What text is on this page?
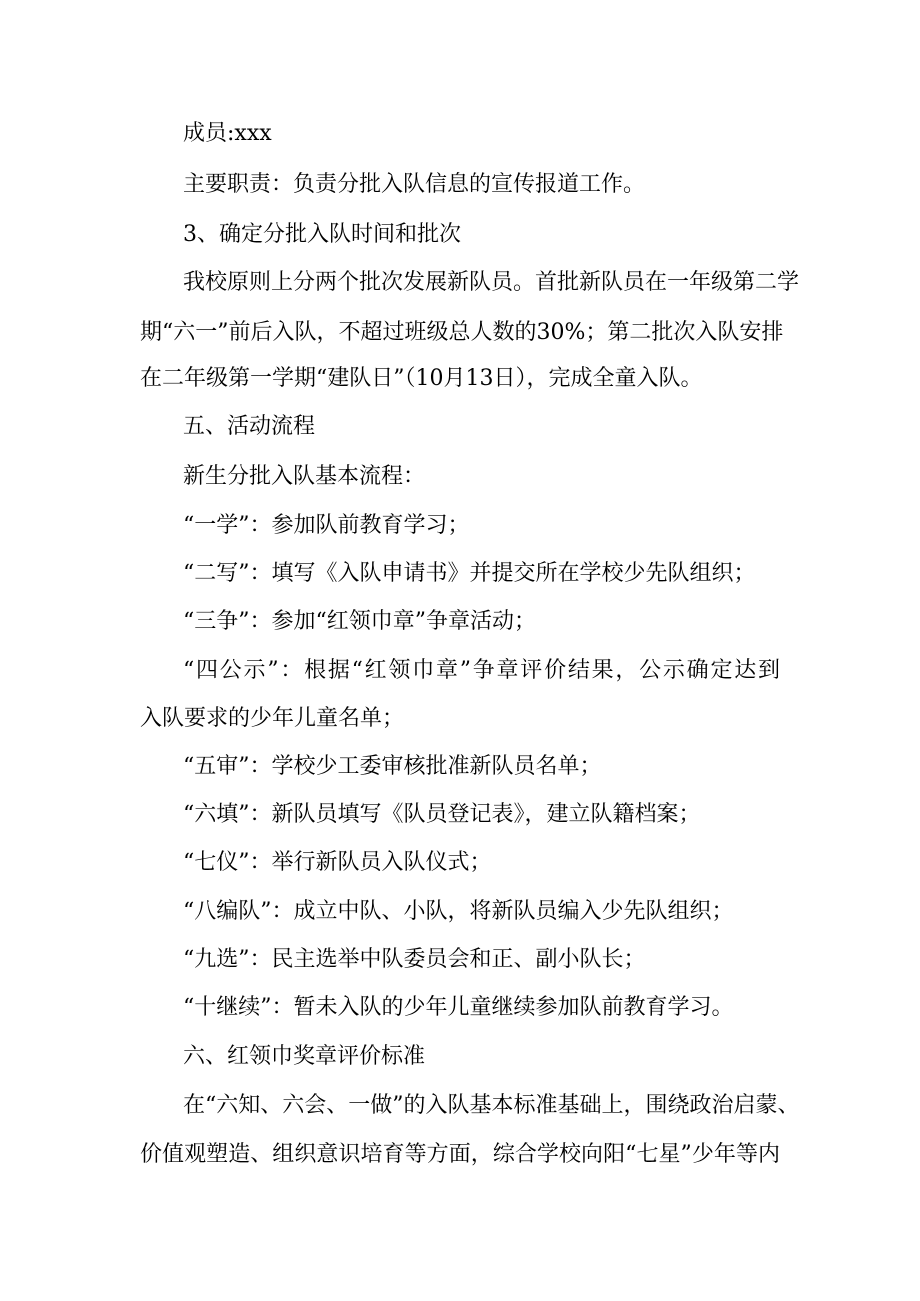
成员:xxx
主要职责：负责分批入队信息的宣传报道工作。
3、确定分批入队时间和批次
我校原则上分两个批次发展新队员。首批新队员在一年级第二学
期“六一”前后入队，不超过班级总人数的30%；第二批次入队安排
在二年级第一学期“建队日”（10月13日），完成全童入队。
五、活动流程
新生分批入队基本流程：
“一学”：参加队前教育学习；
“二写”：填写《入队申请书》并提交所在学校少先队组织；
“三争”：参加“红领巾章”争章活动；
“四公示”：根据“红领巾章”争章评价结果，公示确定达到
入队要求的少年儿童名单；
“五审”：学校少工委审核批准新队员名单；
“六填”：新队员填写《队员登记表》，建立队籍档案；
“七仪”：举行新队员入队仪式；
“八编队”：成立中队、小队，将新队员编入少先队组织；
“九选”：民主选举中队委员会和正、副小队长；
“十继续”：暂未入队的少年儿童继续参加队前教育学习。
六、红领巾奖章评价标准
在“六知、六会、一做”的入队基本标准基础上，围绕政治启蒙、
价值观塑造、组织意识培育等方面，综合学校向阳“七星”少年等内
